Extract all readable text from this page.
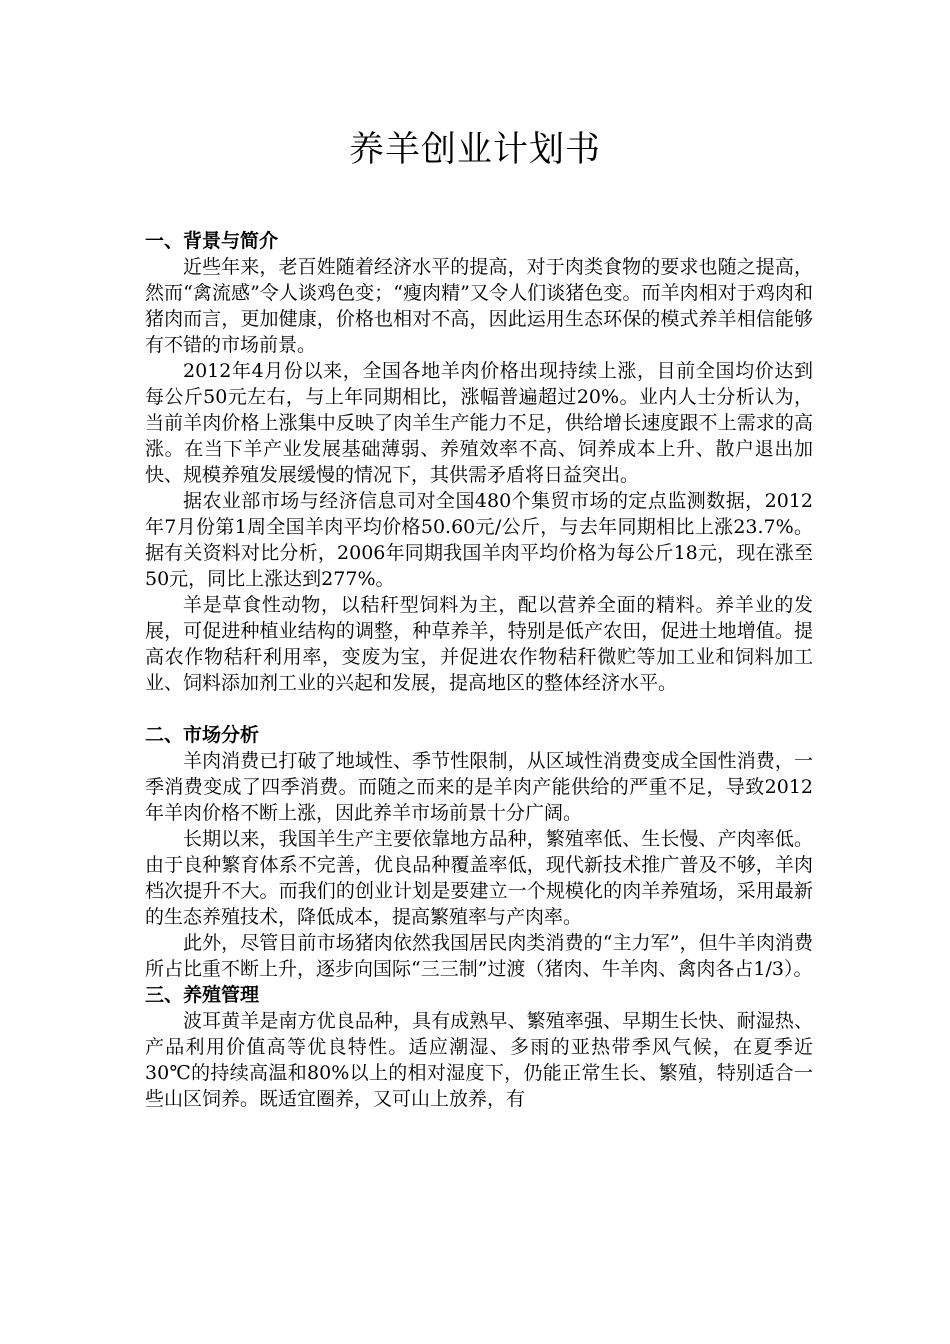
养羊创业计划书
一、背景与简介

近些年来，老百姓随着经济水平的提高，对于肉类食物的要求也随之提高，然而“禽流感”令人谈鸡色变；“瘦肉精”又令人们谈猪色变。而羊肉相对于鸡肉和猪肉而言，更加健康，价格也相对不高，因此运用生态环保的模式养羊相信能够有不错的市场前景。

2012年4月份以来，全国各地羊肉价格出现持续上涨，目前全国均价达到每公斤50元左右，与上年同期相比，涨幅普遍超过20%。业内人士分析认为，当前羊肉价格上涨集中反映了肉羊生产能力不足，供给增长速度跟不上需求的高涨。在当下羊产业发展基础薄弱、养殖效率不高、饲养成本上升、散户退出加快、规模养殖发展缓慢的情况下，其供需矛盾将日益突出。

据农业部市场与经济信息司对全国480个集贸市场的定点监测数据，2012年7月份第1周全国羊肉平均价格50.60元/公斤，与去年同期相比上涨23.7%。据有关资料对比分析，2006年同期我国羊肉平均价格为每公斤18元，现在涨至50元，同比上涨达到277%。

羊是草食性动物，以秸秆型饲料为主，配以营养全面的精料。养羊业的发展，可促进种植业结构的调整，种草养羊，特别是低产农田，促进土地增值。提高农作物秸秆利用率，变废为宝，并促进农作物秸秆微贮等加工业和饲料加工业、饲料添加剂工业的兴起和发展，提高地区的整体经济水平。

二、市场分析

羊肉消费已打破了地域性、季节性限制，从区域性消费变成全国性消费，一季消费变成了四季消费。而随之而来的是羊肉产能供给的严重不足，导致2012年羊肉价格不断上涨，因此养羊市场前景十分广阔。

长期以来，我国羊生产主要依靠地方品种，繁殖率低、生长慢、产肉率低。由于良种繁育体系不完善，优良品种覆盖率低，现代新技术推广普及不够，羊肉档次提升不大。而我们的创业计划是要建立一个规模化的肉羊养殖场，采用最新的生态养殖技术，降低成本，提高繁殖率与产肉率。

此外，尽管目前市场猪肉依然我国居民肉类消费的“主力军”，但牛羊肉消费所占比重不断上升，逐步向国际“三三制”过渡（猪肉、牛羊肉、禽肉各占1/3）。

三、养殖管理

波耳黄羊是南方优良品种，具有成熟早、繁殖率强、早期生长快、耐湿热、产品利用价值高等优良特性。适应潮湿、多雨的亚热带季风气候，在夏季近30℃的持续高温和80%以上的相对湿度下，仍能正常生长、繁殖，特别适合一些山区饲养。既适宜圈养，又可山上放养，有
